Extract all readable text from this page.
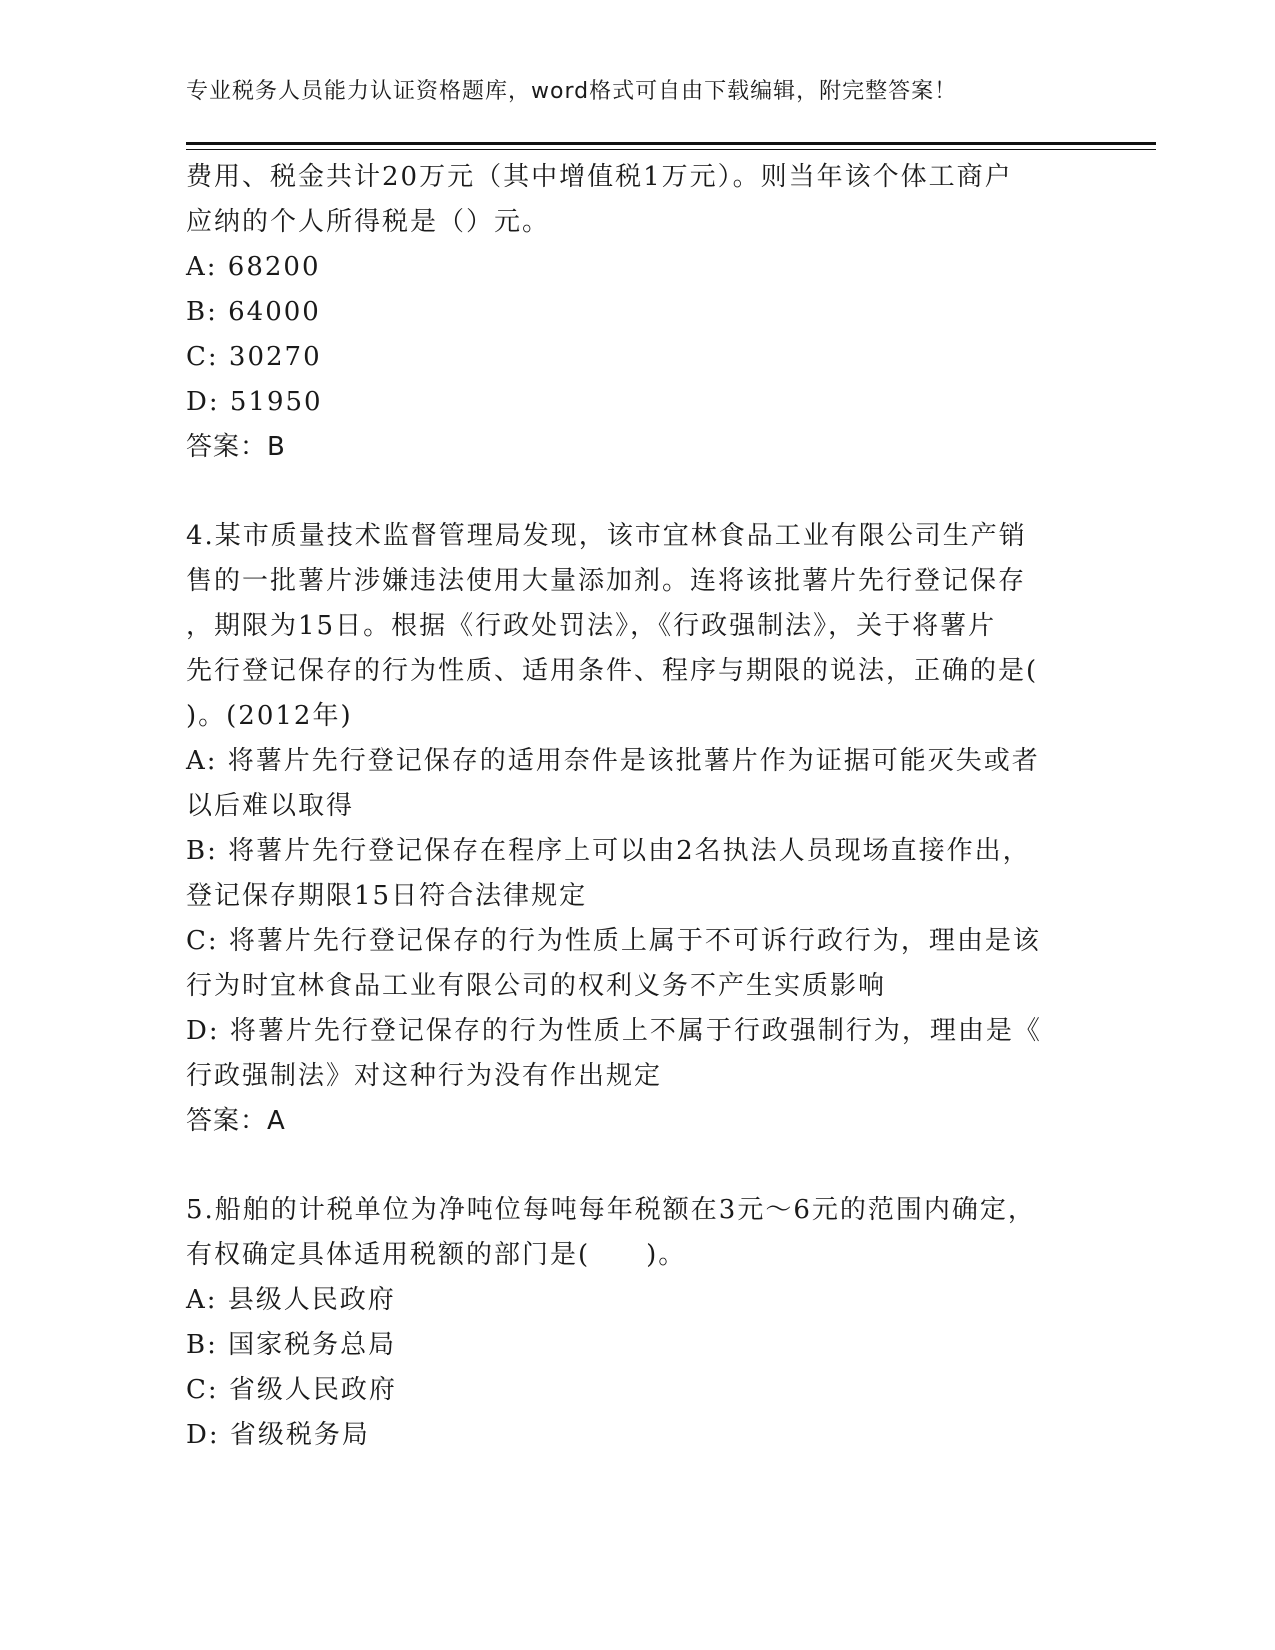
专业税务人员能力认证资格题库，word格式可自由下载编辑，附完整答案！
费用、税金共计20万元（其中增值税1万元）。则当年该个体工商户
应纳的个人所得税是（）元。
A: 68200
B: 64000
C: 30270
D: 51950
答案：B
4.某市质量技术监督管理局发现，该市宜林食品工业有限公司生产销
售的一批薯片涉嫌违法使用大量添加剂。连将该批薯片先行登记保存
，期限为15日。根据《行政处罚法》，《行政强制法》，关于将薯片
先行登记保存的行为性质、适用条件、程序与期限的说法，正确的是(
)。(2012年)
A: 将薯片先行登记保存的适用奈件是该批薯片作为证据可能灭失或者
以后难以取得
B: 将薯片先行登记保存在程序上可以由2名执法人员现场直接作出，
登记保存期限15日符合法律规定
C: 将薯片先行登记保存的行为性质上属于不可诉行政行为，理由是该
行为时宜林食品工业有限公司的权利义务不产生实质影响
D: 将薯片先行登记保存的行为性质上不属于行政强制行为，理由是《
行政强制法》对这种行为没有作出规定
答案：A
5.船舶的计税单位为净吨位每吨每年税额在3元～6元的范围内确定，
有权确定具体适用税额的部门是(　　)。
A: 县级人民政府
B: 国家税务总局
C: 省级人民政府
D: 省级税务局
